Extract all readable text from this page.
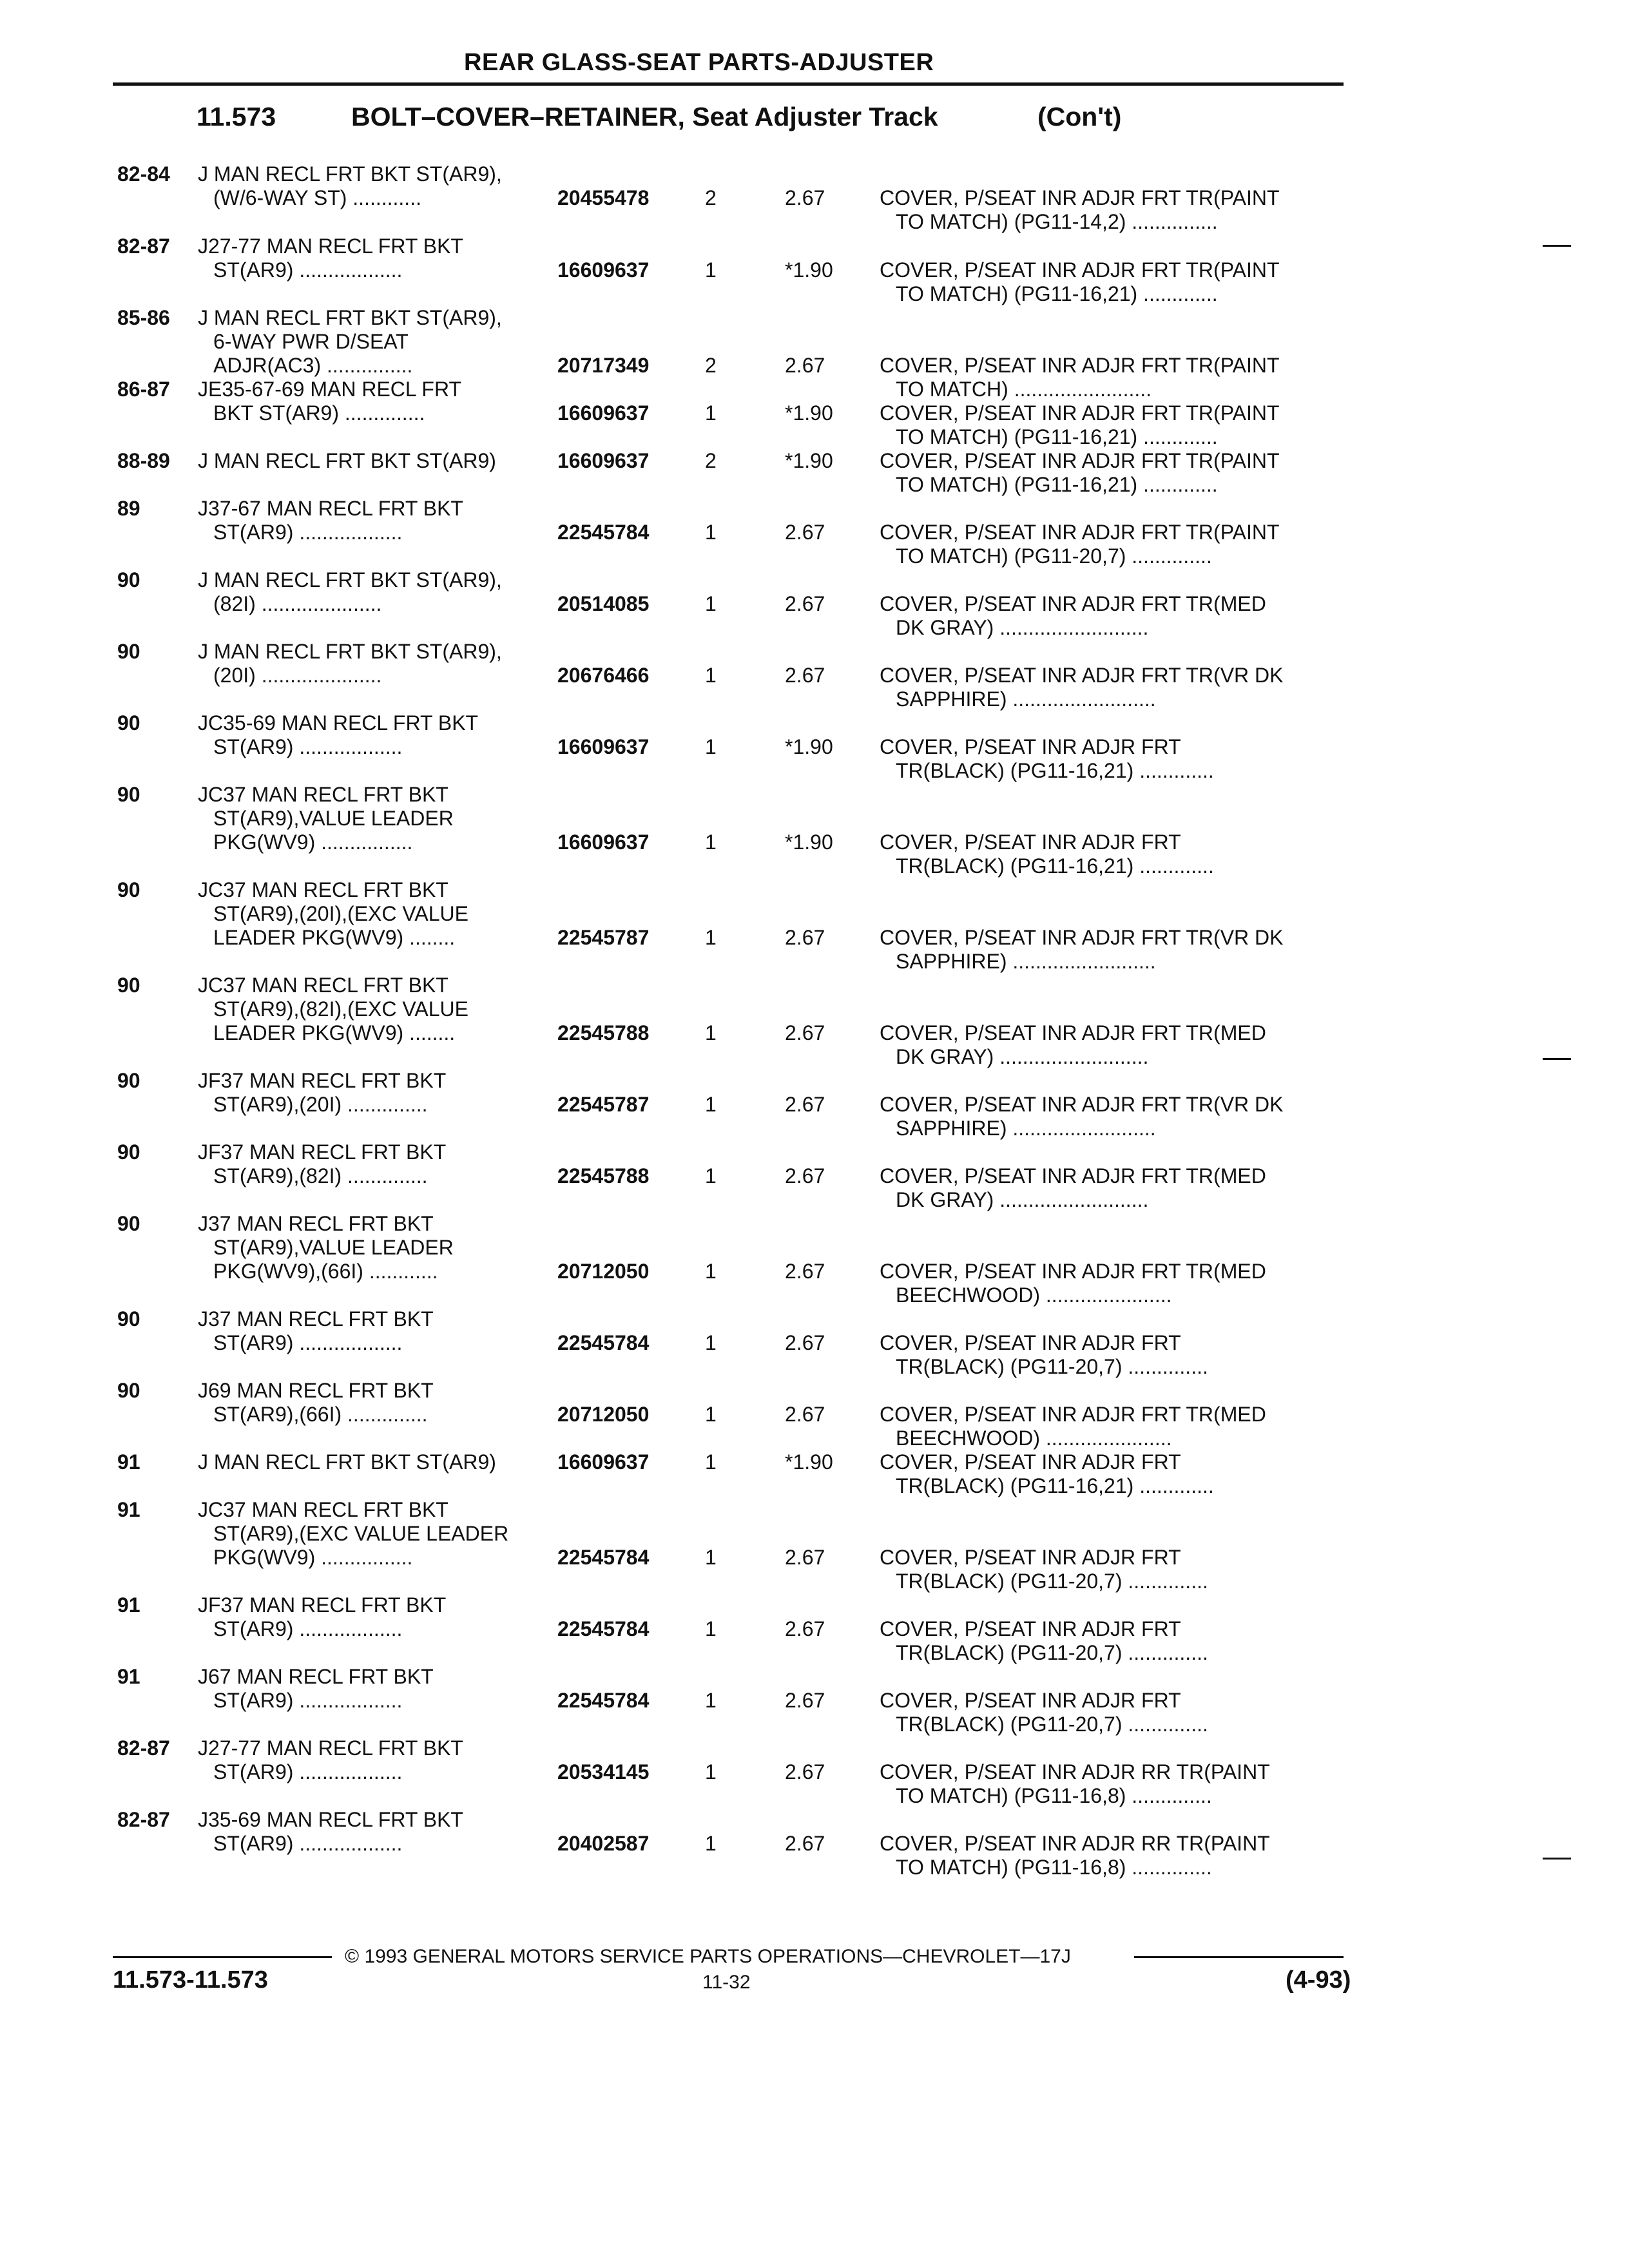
REAR GLASS-SEAT PARTS-ADJUSTER
11.573	BOLT–COVER–RETAINER, Seat Adjuster Track	(Con't)
82-84 J MAN RECL FRT BKT ST(AR9),
(W/6-WAY ST) ............	20455478	2	2.67	COVER, P/SEAT INR ADJR FRT TR(PAINT
TO MATCH) (PG11-14,2) ...............
82-87 J27-77 MAN RECL FRT BKT
ST(AR9) ..................	16609637	1	*1.90 COVER, P/SEAT INR ADJR FRT TR(PAINT
TO MATCH) (PG11-16,21) .............
85-86 J MAN RECL FRT BKT ST(AR9),
6-WAY PWR D/SEAT
ADJR(AC3) ...............	20717349	2	2.67	COVER, P/SEAT INR ADJR FRT TR(PAINT
TO MATCH) ........................
86-87 JE35-67-69 MAN RECL FRT
BKT ST(AR9) ..............	16609637	1	*1.90 COVER, P/SEAT INR ADJR FRT TR(PAINT
TO MATCH) (PG11-16,21) .............
88-89 J MAN RECL FRT BKT ST(AR9)	16609637	2	*1.90 COVER, P/SEAT INR ADJR FRT TR(PAINT
TO MATCH) (PG11-16,21) .............
89	J37-67 MAN RECL FRT BKT
ST(AR9) ..................	22545784	1	2.67	COVER, P/SEAT INR ADJR FRT TR(PAINT
TO MATCH) (PG11-20,7) ..............
90	J MAN RECL FRT BKT ST(AR9),
(82I) .....................	20514085	1	2.67	COVER, P/SEAT INR ADJR FRT TR(MED
DK GRAY) ..........................
90	J MAN RECL FRT BKT ST(AR9),
(20I) .....................	20676466	1	2.67	COVER, P/SEAT INR ADJR FRT TR(VR DK
SAPPHIRE) .........................
90	JC35-69 MAN RECL FRT BKT
ST(AR9) ..................	16609637	1	*1.90 COVER, P/SEAT INR ADJR FRT
TR(BLACK) (PG11-16,21) .............
90	JC37 MAN RECL FRT BKT
ST(AR9),VALUE LEADER
PKG(WV9) ................	16609637	1	*1.90 COVER, P/SEAT INR ADJR FRT
TR(BLACK) (PG11-16,21) .............
90	JC37 MAN RECL FRT BKT
ST(AR9),(20I),(EXC VALUE
LEADER PKG(WV9) ........	22545787	1	2.67	COVER, P/SEAT INR ADJR FRT TR(VR DK
SAPPHIRE) .........................
90	JC37 MAN RECL FRT BKT
ST(AR9),(82I),(EXC VALUE
LEADER PKG(WV9) ........	22545788	1	2.67	COVER, P/SEAT INR ADJR FRT TR(MED
DK GRAY) ..........................
90	JF37 MAN RECL FRT BKT
ST(AR9),(20I) ..............	22545787	1	2.67	COVER, P/SEAT INR ADJR FRT TR(VR DK
SAPPHIRE) .........................
90	JF37 MAN RECL FRT BKT
ST(AR9),(82I) ..............	22545788	1	2.67	COVER, P/SEAT INR ADJR FRT TR(MED
DK GRAY) ..........................
90	J37 MAN RECL FRT BKT
ST(AR9),VALUE LEADER
PKG(WV9),(66I) ............	20712050	1	2.67	COVER, P/SEAT INR ADJR FRT TR(MED
BEECHWOOD) ......................
90	J37 MAN RECL FRT BKT
ST(AR9) ..................	22545784	1	2.67	COVER, P/SEAT INR ADJR FRT
TR(BLACK) (PG11-20,7) ..............
90	J69 MAN RECL FRT BKT
ST(AR9),(66I) ..............	20712050	1	2.67	COVER, P/SEAT INR ADJR FRT TR(MED
BEECHWOOD) ......................
91	J MAN RECL FRT BKT ST(AR9)	16609637	1	*1.90 COVER, P/SEAT INR ADJR FRT
TR(BLACK) (PG11-16,21) .............
91	JC37 MAN RECL FRT BKT
ST(AR9),(EXC VALUE LEADER
PKG(WV9) ................	22545784	1	2.67	COVER, P/SEAT INR ADJR FRT
TR(BLACK) (PG11-20,7) ..............
91	JF37 MAN RECL FRT BKT
ST(AR9) ..................	22545784	1	2.67	COVER, P/SEAT INR ADJR FRT
TR(BLACK) (PG11-20,7) ..............
91	J67 MAN RECL FRT BKT
ST(AR9) ..................	22545784	1	2.67	COVER, P/SEAT INR ADJR FRT
TR(BLACK) (PG11-20,7) ..............
82-87 J27-77 MAN RECL FRT BKT
ST(AR9) ..................	20534145	1	2.67	COVER, P/SEAT INR ADJR RR TR(PAINT
TO MATCH) (PG11-16,8) ..............
82-87 J35-69 MAN RECL FRT BKT
ST(AR9) ..................	20402587	1	2.67	COVER, P/SEAT INR ADJR RR TR(PAINT
TO MATCH) (PG11-16,8) ..............
© 1993 GENERAL MOTORS SERVICE PARTS OPERATIONS—CHEVROLET—17J
11.573-11.573	11-32	(4-93)
